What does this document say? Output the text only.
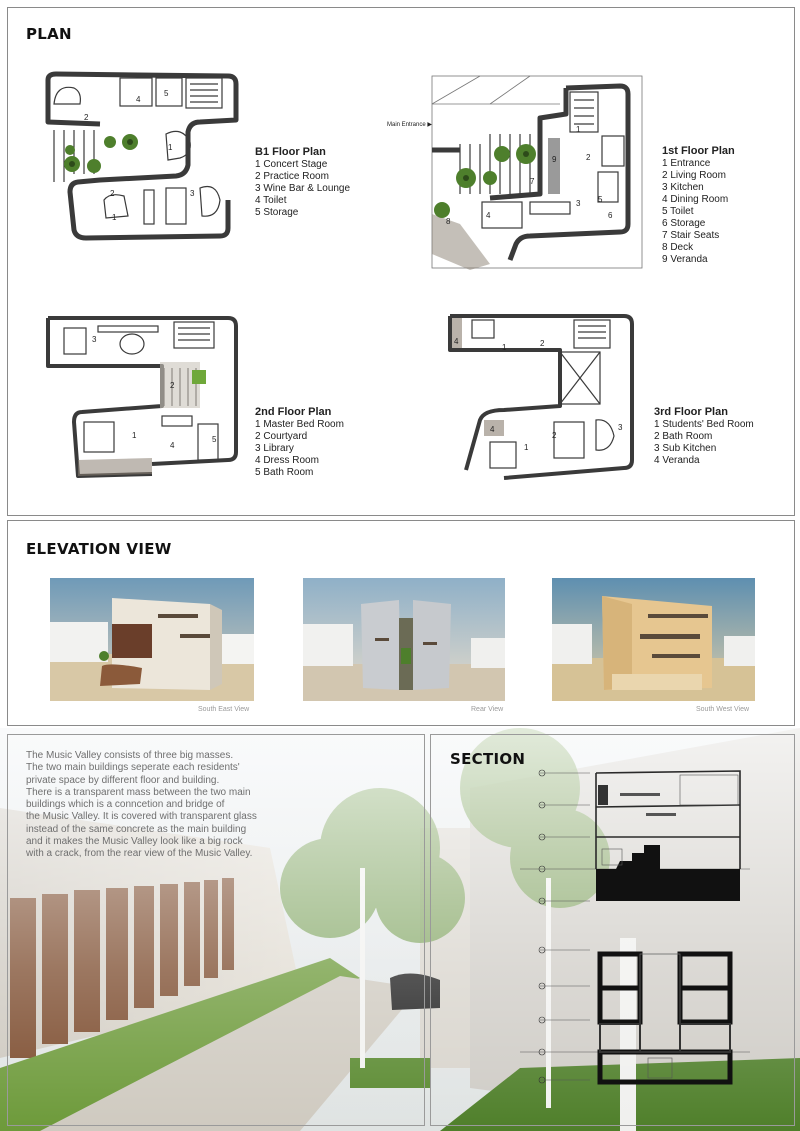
PLAN
2
1
4
5
2	3
1
B1 Floor Plan
1 Concert Stage
2 Practice Room
3 Wine Bar & Lounge
4 Toilet
5 Storage
Main Entrance ▶	1
2
9
3
4
5
6
7
8
1st Floor Plan
1 Entrance
2 Living Room
3 Kitchen
4 Dining Room
5 Toilet
6 Storage
7 Stair Seats
8 Deck
9 Veranda
3
1
2
4
5
2nd Floor Plan
1 Master Bed Room
2 Courtyard
3 Library
4 Dress Room
5 Bath Room
4
1	2
4
1
2
3
3rd Floor Plan
1 Students' Bed Room
2 Bath Room
3 Sub Kitchen
4 Veranda
ELEVATION VIEW
South East View	Rear View	South West View
The Music Valley consists of three big masses.
The two main buildings seperate each residents'
private space by different floor and building.
There is a transparent mass between the two main
buildings which is a conncetion and bridge of
the Music Valley. It is covered with transparent glass
instead of the same concrete as the main building
and it makes the Music Valley look like a big rock
with a crack, from the rear view of the Music Valley.
SECTION
